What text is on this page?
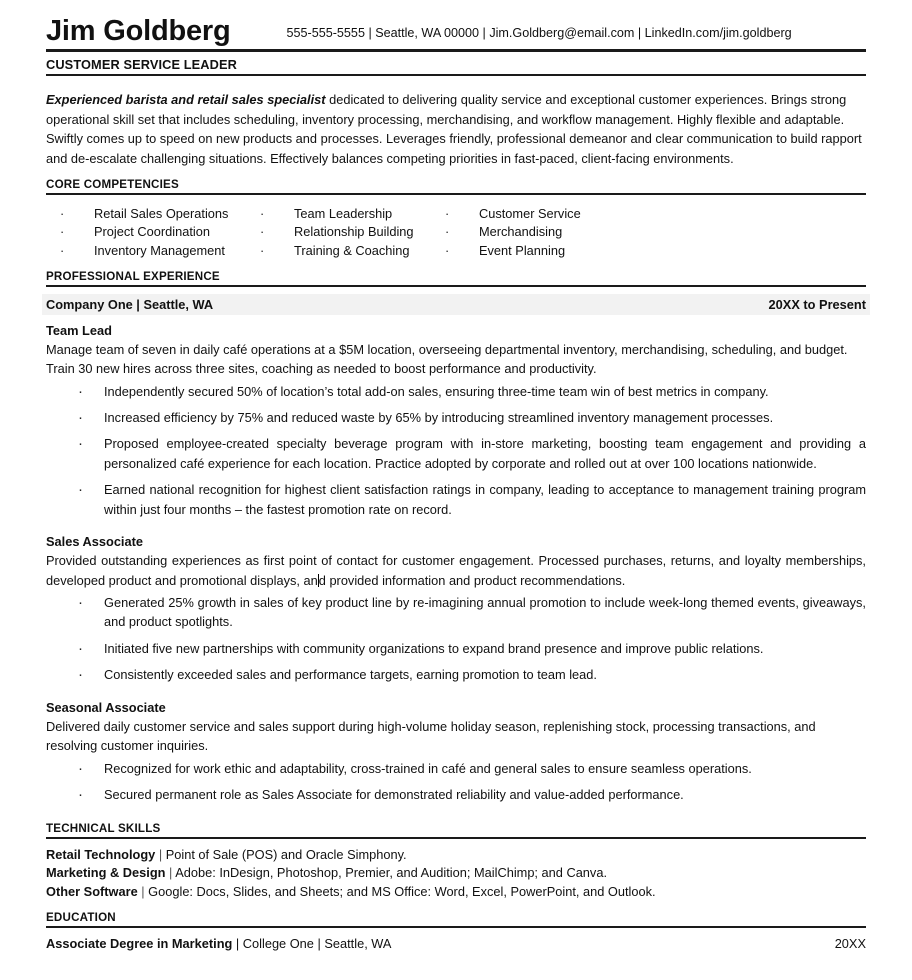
Jim Goldberg	555-555-5555 | Seattle, WA 00000 | Jim.Goldberg@email.com | LinkedIn.com/jim.goldberg
CUSTOMER SERVICE LEADER
Experienced barista and retail sales specialist dedicated to delivering quality service and exceptional customer experiences. Brings strong operational skill set that includes scheduling, inventory processing, merchandising, and workflow management. Highly flexible and adaptable. Swiftly comes up to speed on new products and processes. Leverages friendly, professional demeanor and clear communication to build rapport and de-escalate challenging situations. Effectively balances competing priorities in fast-paced, client-facing environments.
CORE COMPETENCIES
·	Retail Sales Operations ·	Team Leadership	·	Customer Service
·	Project Coordination	·	Relationship Building ·	Merchandising
·	Inventory Management	·	Training & Coaching	·	Event Planning
PROFESSIONAL EXPERIENCE
Company One | Seattle, WA	20XX to Present
Team Lead
Manage team of seven in daily café operations at a $5M location, overseeing departmental inventory, merchandising, scheduling, and budget. Train 30 new hires across three sites, coaching as needed to boost performance and productivity.
· Independently secured 50% of location’s total add-on sales, ensuring three-time team win of best metrics in company.
· Increased efficiency by 75% and reduced waste by 65% by introducing streamlined inventory management processes.
· Proposed employee-created specialty beverage program with in-store marketing, boosting team engagement and providing a personalized café experience for each location. Practice adopted by corporate and rolled out at over 100 locations nationwide.
· Earned national recognition for highest client satisfaction ratings in company, leading to acceptance to management training program within just four months – the fastest promotion rate on record.
Sales Associate
Provided outstanding experiences as first point of contact for customer engagement. Processed purchases, returns, and loyalty memberships, developed product and promotional displays, and provided information and product recommendations.
· Generated 25% growth in sales of key product line by re-imagining annual promotion to include week-long themed events, giveaways, and product spotlights.
· Initiated five new partnerships with community organizations to expand brand presence and improve public relations.
· Consistently exceeded sales and performance targets, earning promotion to team lead.
Seasonal Associate
Delivered daily customer service and sales support during high-volume holiday season, replenishing stock, processing transactions, and resolving customer inquiries.
· Recognized for work ethic and adaptability, cross-trained in café and general sales to ensure seamless operations.
· Secured permanent role as Sales Associate for demonstrated reliability and value-added performance.
TECHNICAL SKILLS
Retail Technology | Point of Sale (POS) and Oracle Simphony.
Marketing & Design | Adobe: InDesign, Photoshop, Premier, and Audition; MailChimp; and Canva.
Other Software | Google: Docs, Slides, and Sheets; and MS Office: Word, Excel, PowerPoint, and Outlook.
EDUCATION
Associate Degree in Marketing | College One | Seattle, WA	20XX
